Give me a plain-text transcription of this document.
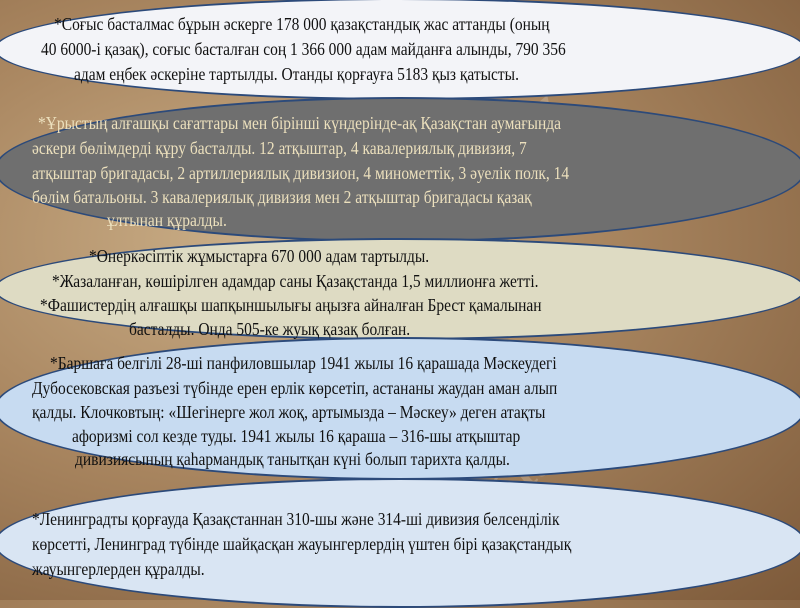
*Соғыс басталмас бұрын әскерге 178 000 қазақстандық жас аттанды (оның
40 6000-і қазақ), соғыс басталған соң 1 366 000 адам майданға алынды, 790 356
адам еңбек әскеріне тартылды. Отанды қорғауға 5183 қыз қатысты.
*Ұрыстың алғашқы сағаттары мен бірінші күндерінде-ақ Қазақстан аумағында
әскери бөлімдерді құру басталды. 12 атқыштар, 4 кавалериялық дивизия, 7
атқыштар бригадасы, 2 артиллериялық дивизион, 4 минометтік, 3 әуелік полк, 14
бөлім батальоны. 3 кавалериялық дивизия мен 2 атқыштар бригадасы қазақ
ұлтынан құралды.
*Өнеркәсіптік жұмыстарға 670 000 адам тартылды.
*Жазаланған, көшірілген адамдар саны Қазақстанда 1,5 миллионға жетті.
*Фашистердің алғашқы шапқыншылығы аңызға айналған Брест қамалынан
басталды. Онда 505-ке жуық қазақ болған.
*Баршаға белгілі 28-ші панфиловшылар 1941 жылы 16 қарашада Мәскеудегі
Дубосековская разъезі түбінде ерен ерлік көрсетіп, астананы жаудан аман алып
қалды. Клочковтың: «Шегінерге жол жоқ, артымызда – Мәскеу» деген атақты
афоризмі сол кезде туды. 1941 жылы 16 қараша – 316-шы атқыштар
дивизиясының қаһармандық танытқан күні болып тарихта қалды.
*Ленинградты қорғауда Қазақстаннан 310-шы және 314-ші дивизия белсенділік
көрсетті, Ленинград түбінде шайқасқан жауынгерлердің үштен бірі қазақстандық
жауынгерлерден құралды.
